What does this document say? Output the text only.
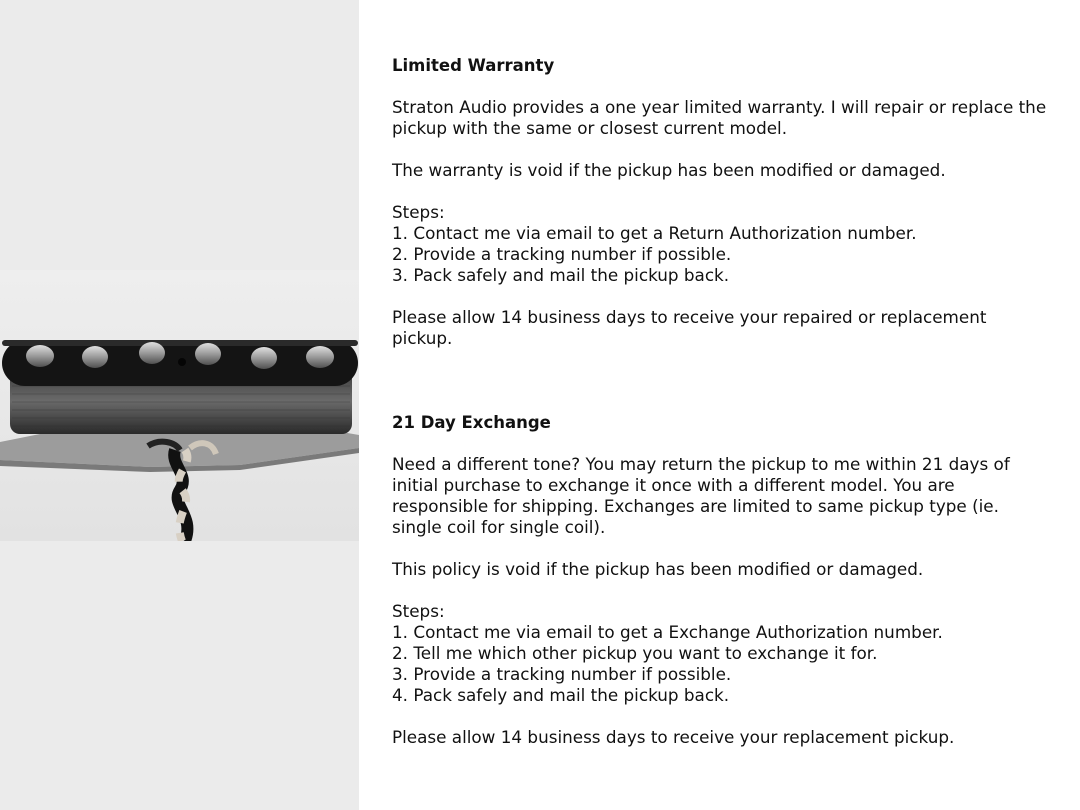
Limited Warranty

Straton Audio provides a one year limited warranty. I will repair or replace the pickup with the same or closest current model.

The warranty is void if the pickup has been modified or damaged.

Steps:

1. Contact me via email to get a Return Authorization number.

2. Provide a tracking number if possible.

3. Pack safely and mail the pickup back.

Please allow 14 business days to receive your repaired or replacement pickup.

21 Day Exchange

Need a different tone? You may return the pickup to me within 21 days of initial purchase to exchange it once with a different model. You are responsible for shipping. Exchanges are limited to same pickup type (ie. single coil for single coil).

This policy is void if the pickup has been modified or damaged.

Steps:

1. Contact me via email to get a Exchange Authorization number.

2. Tell me which other pickup you want to exchange it for.

3. Provide a tracking number if possible.

4. Pack safely and mail the pickup back.

Please allow 14 business days to receive your replacement pickup.
